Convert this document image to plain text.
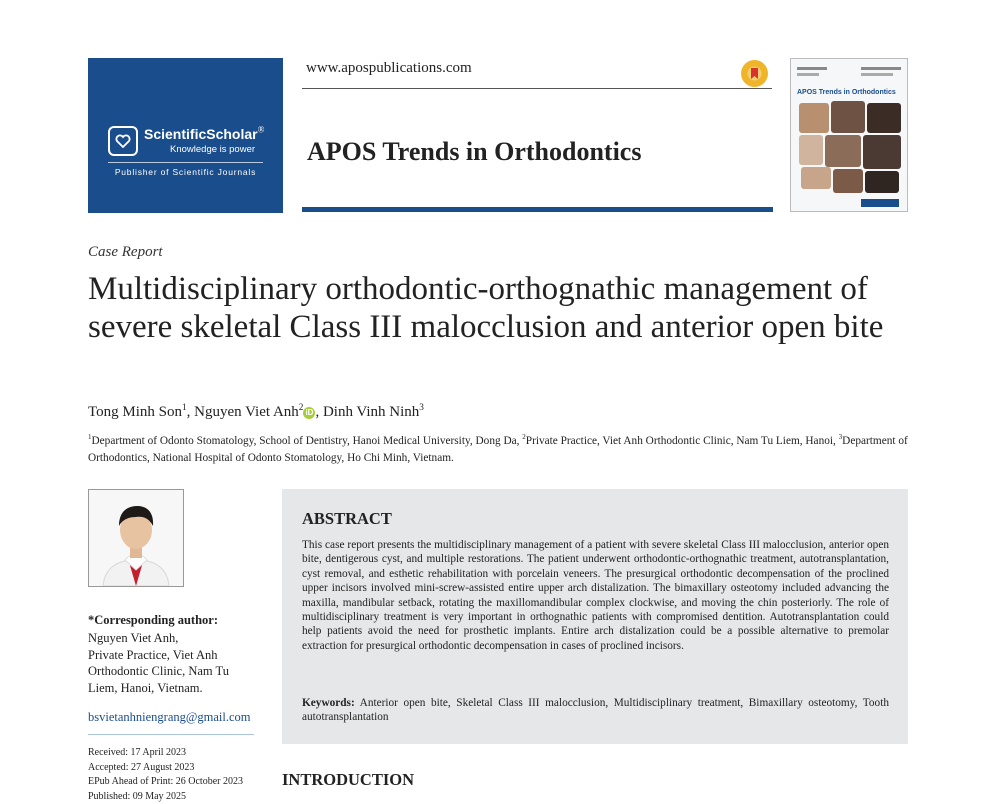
ScientificScholar®
Knowledge is power
Publisher of Scientific Journals
www.apospublications.com
APOS Trends in Orthodontics
APOS Trends in Orthodontics
Case Report
Multidisciplinary orthodontic-orthognathic management of severe skeletal Class III malocclusion and anterior open bite
Tong Minh Son$^1$, Nguyen Viet Anh$^2$ iD , Dinh Vinh Ninh$^3$
$^1$Department of Odonto Stomatology, School of Dentistry, Hanoi Medical University, Dong Da, $^2$Private Practice, Viet Anh Orthodontic Clinic, Nam Tu Liem, Hanoi, $^3$Department of Orthodontics, National Hospital of Odonto Stomatology, Ho Chi Minh, Vietnam.
*Corresponding author:
Nguyen Viet Anh,
Private Practice, Viet Anh
Orthodontic Clinic, Nam Tu
Liem, Hanoi, Vietnam.
bsvietanhniengrang@gmail.com
Received: 17 April 2023
Accepted: 27 August 2023
EPub Ahead of Print: 26 October 2023
Published: 09 May 2025
ABSTRACT

This case report presents the multidisciplinary management of a patient with severe skeletal Class III malocclusion, anterior open bite, dentigerous cyst, and multiple restorations. The patient underwent orthodontic-orthognathic treatment, autotransplantation, cyst removal, and esthetic rehabilitation with porcelain veneers. The presurgical orthodontic decompensation of the proclined upper incisors involved mini-screw-assisted entire upper arch distalization. The bimaxillary osteotomy included advancing the maxilla, mandibular setback, rotating the maxillomandibular complex clockwise, and moving the chin posteriorly. The role of multidisciplinary treatment is very important in orthognathic patients with compromised dentition. Autotransplantation could help patients avoid the need for prosthetic implants. Entire arch distalization could be a possible alternative to premolar extraction for presurgical orthodontic decompensation in cases of proclined incisors.

Keywords: Anterior open bite, Skeletal Class III malocclusion, Multidisciplinary treatment, Bimaxillary osteotomy, Tooth autotransplantation

INTRODUCTION
